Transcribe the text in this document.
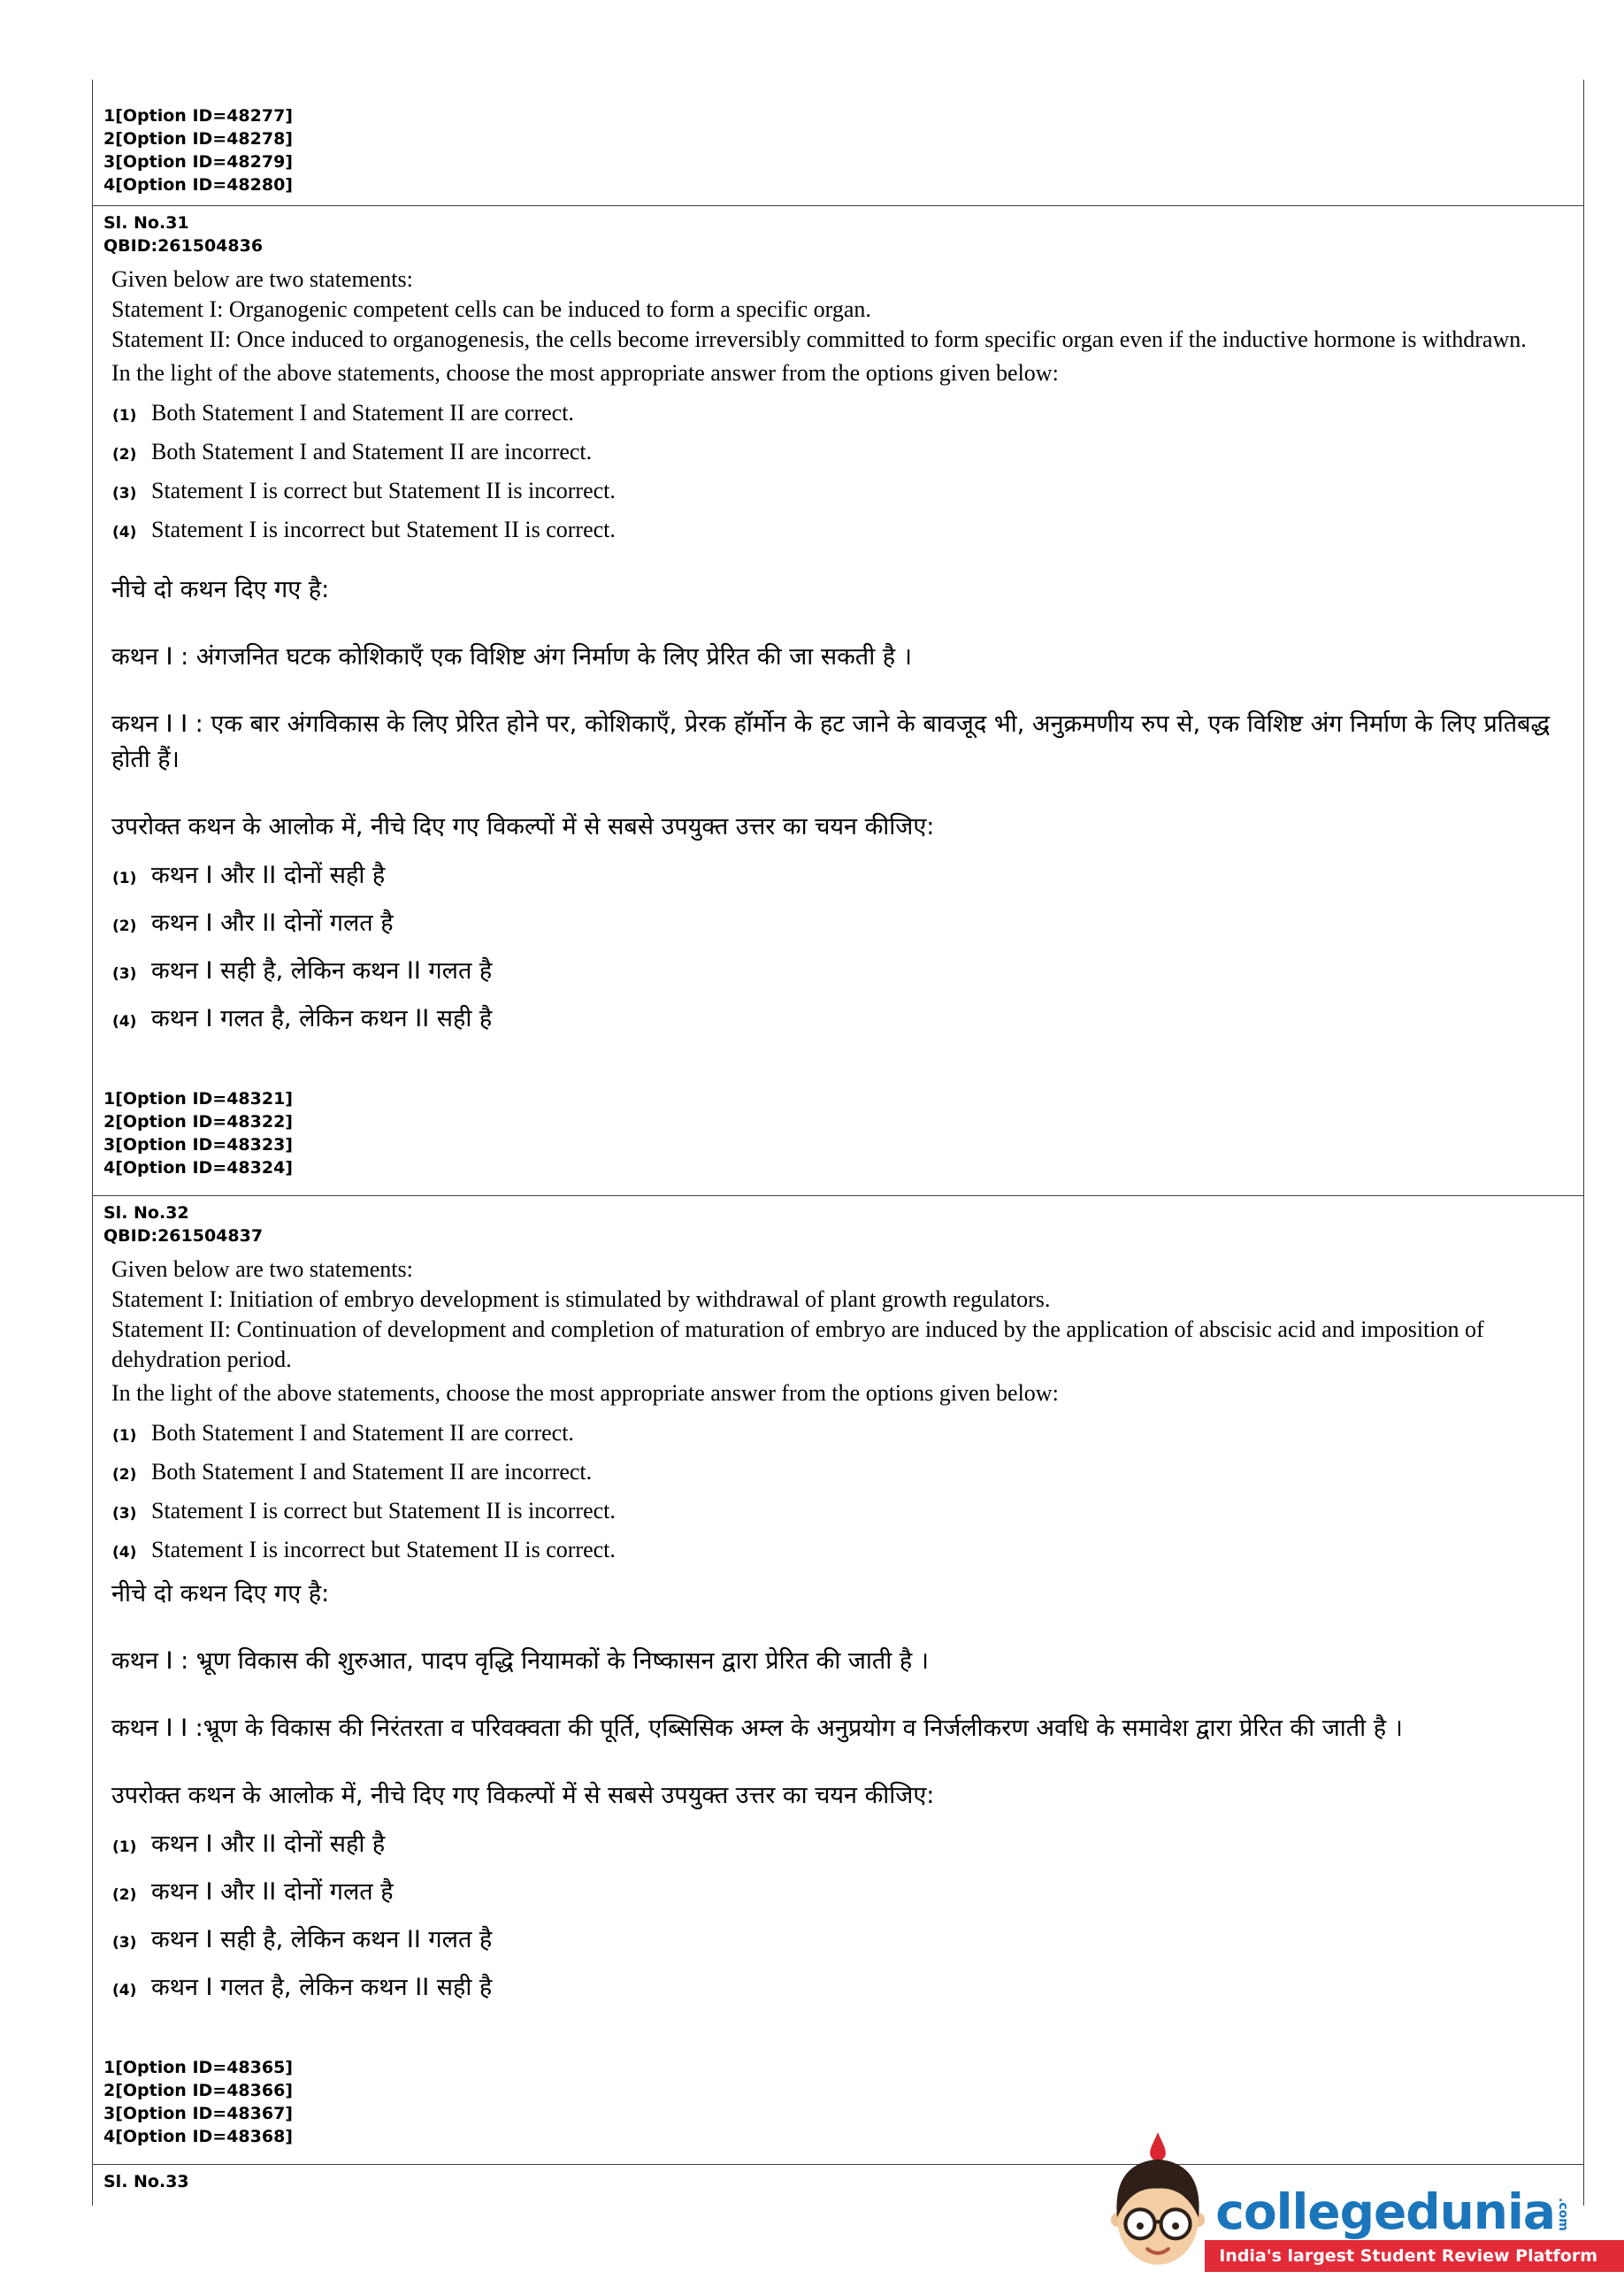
1[Option ID=48277]
2[Option ID=48278]
3[Option ID=48279]
4[Option ID=48280]
Sl. No.31
QBID:261504836
Given below are two statements:
Statement I: Organogenic competent cells can be induced to form a specific organ.
Statement II: Once induced to organogenesis, the cells become irreversibly committed to form specific organ even if the inductive hormone is withdrawn.
In the light of the above statements, choose the most appropriate answer from the options given below:
(1) Both Statement I and Statement II are correct.
(2) Both Statement I and Statement II are incorrect.
(3) Statement I is correct but Statement II is incorrect.
(4) Statement I is incorrect but Statement II is correct.
नीचे दो कथन दिए गए है:
कथन I : अंगजनित घटक कोशिकाएँ एक विशिष्ट अंग निर्माण के लिए प्रेरित की जा सकती है ।
कथन I I : एक बार अंगविकास के लिए प्रेरित होने पर, कोशिकाएँ, प्रेरक हॉर्मोन के हट जाने के बावजूद भी, अनुक्रमणीय रुप से, एक विशिष्ट अंग निर्माण के लिए प्रतिबद्ध होती हैं।
उपरोक्त कथन के आलोक में, नीचे दिए गए विकल्पों में से सबसे उपयुक्त उत्तर का चयन कीजिए:
(1) कथन I और II दोनों सही है
(2) कथन I और II दोनों गलत है
(3) कथन I सही है, लेकिन कथन II गलत है
(4) कथन I गलत है, लेकिन कथन II सही है
1[Option ID=48321]
2[Option ID=48322]
3[Option ID=48323]
4[Option ID=48324]
Sl. No.32
QBID:261504837
Given below are two statements:
Statement I: Initiation of embryo development is stimulated by withdrawal of plant growth regulators.
Statement II: Continuation of development and completion of maturation of embryo are induced by the application of abscisic acid and imposition of dehydration period.
In the light of the above statements, choose the most appropriate answer from the options given below:
(1) Both Statement I and Statement II are correct.
(2) Both Statement I and Statement II are incorrect.
(3) Statement I is correct but Statement II is incorrect.
(4) Statement I is incorrect but Statement II is correct.
नीचे दो कथन दिए गए है:
कथन I : भ्रूण विकास की शुरुआत, पादप वृद्धि नियामकों के निष्कासन द्वारा प्रेरित की जाती है ।
कथन I I :भ्रूण के विकास की निरंतरता व परिवक्वता की पूर्ति, एब्सिसिक अम्ल के अनुप्रयोग व निर्जलीकरण अवधि के समावेश द्वारा प्रेरित की जाती है ।
उपरोक्त कथन के आलोक में, नीचे दिए गए विकल्पों में से सबसे उपयुक्त उत्तर का चयन कीजिए:
(1) कथन I और II दोनों सही है
(2) कथन I और II दोनों गलत है
(3) कथन I सही है, लेकिन कथन II गलत है
(4) कथन I गलत है, लेकिन कथन II सही है
1[Option ID=48365]
2[Option ID=48366]
3[Option ID=48367]
4[Option ID=48368]
Sl. No.33
collegedunia .com
India's largest Student Review Platform
